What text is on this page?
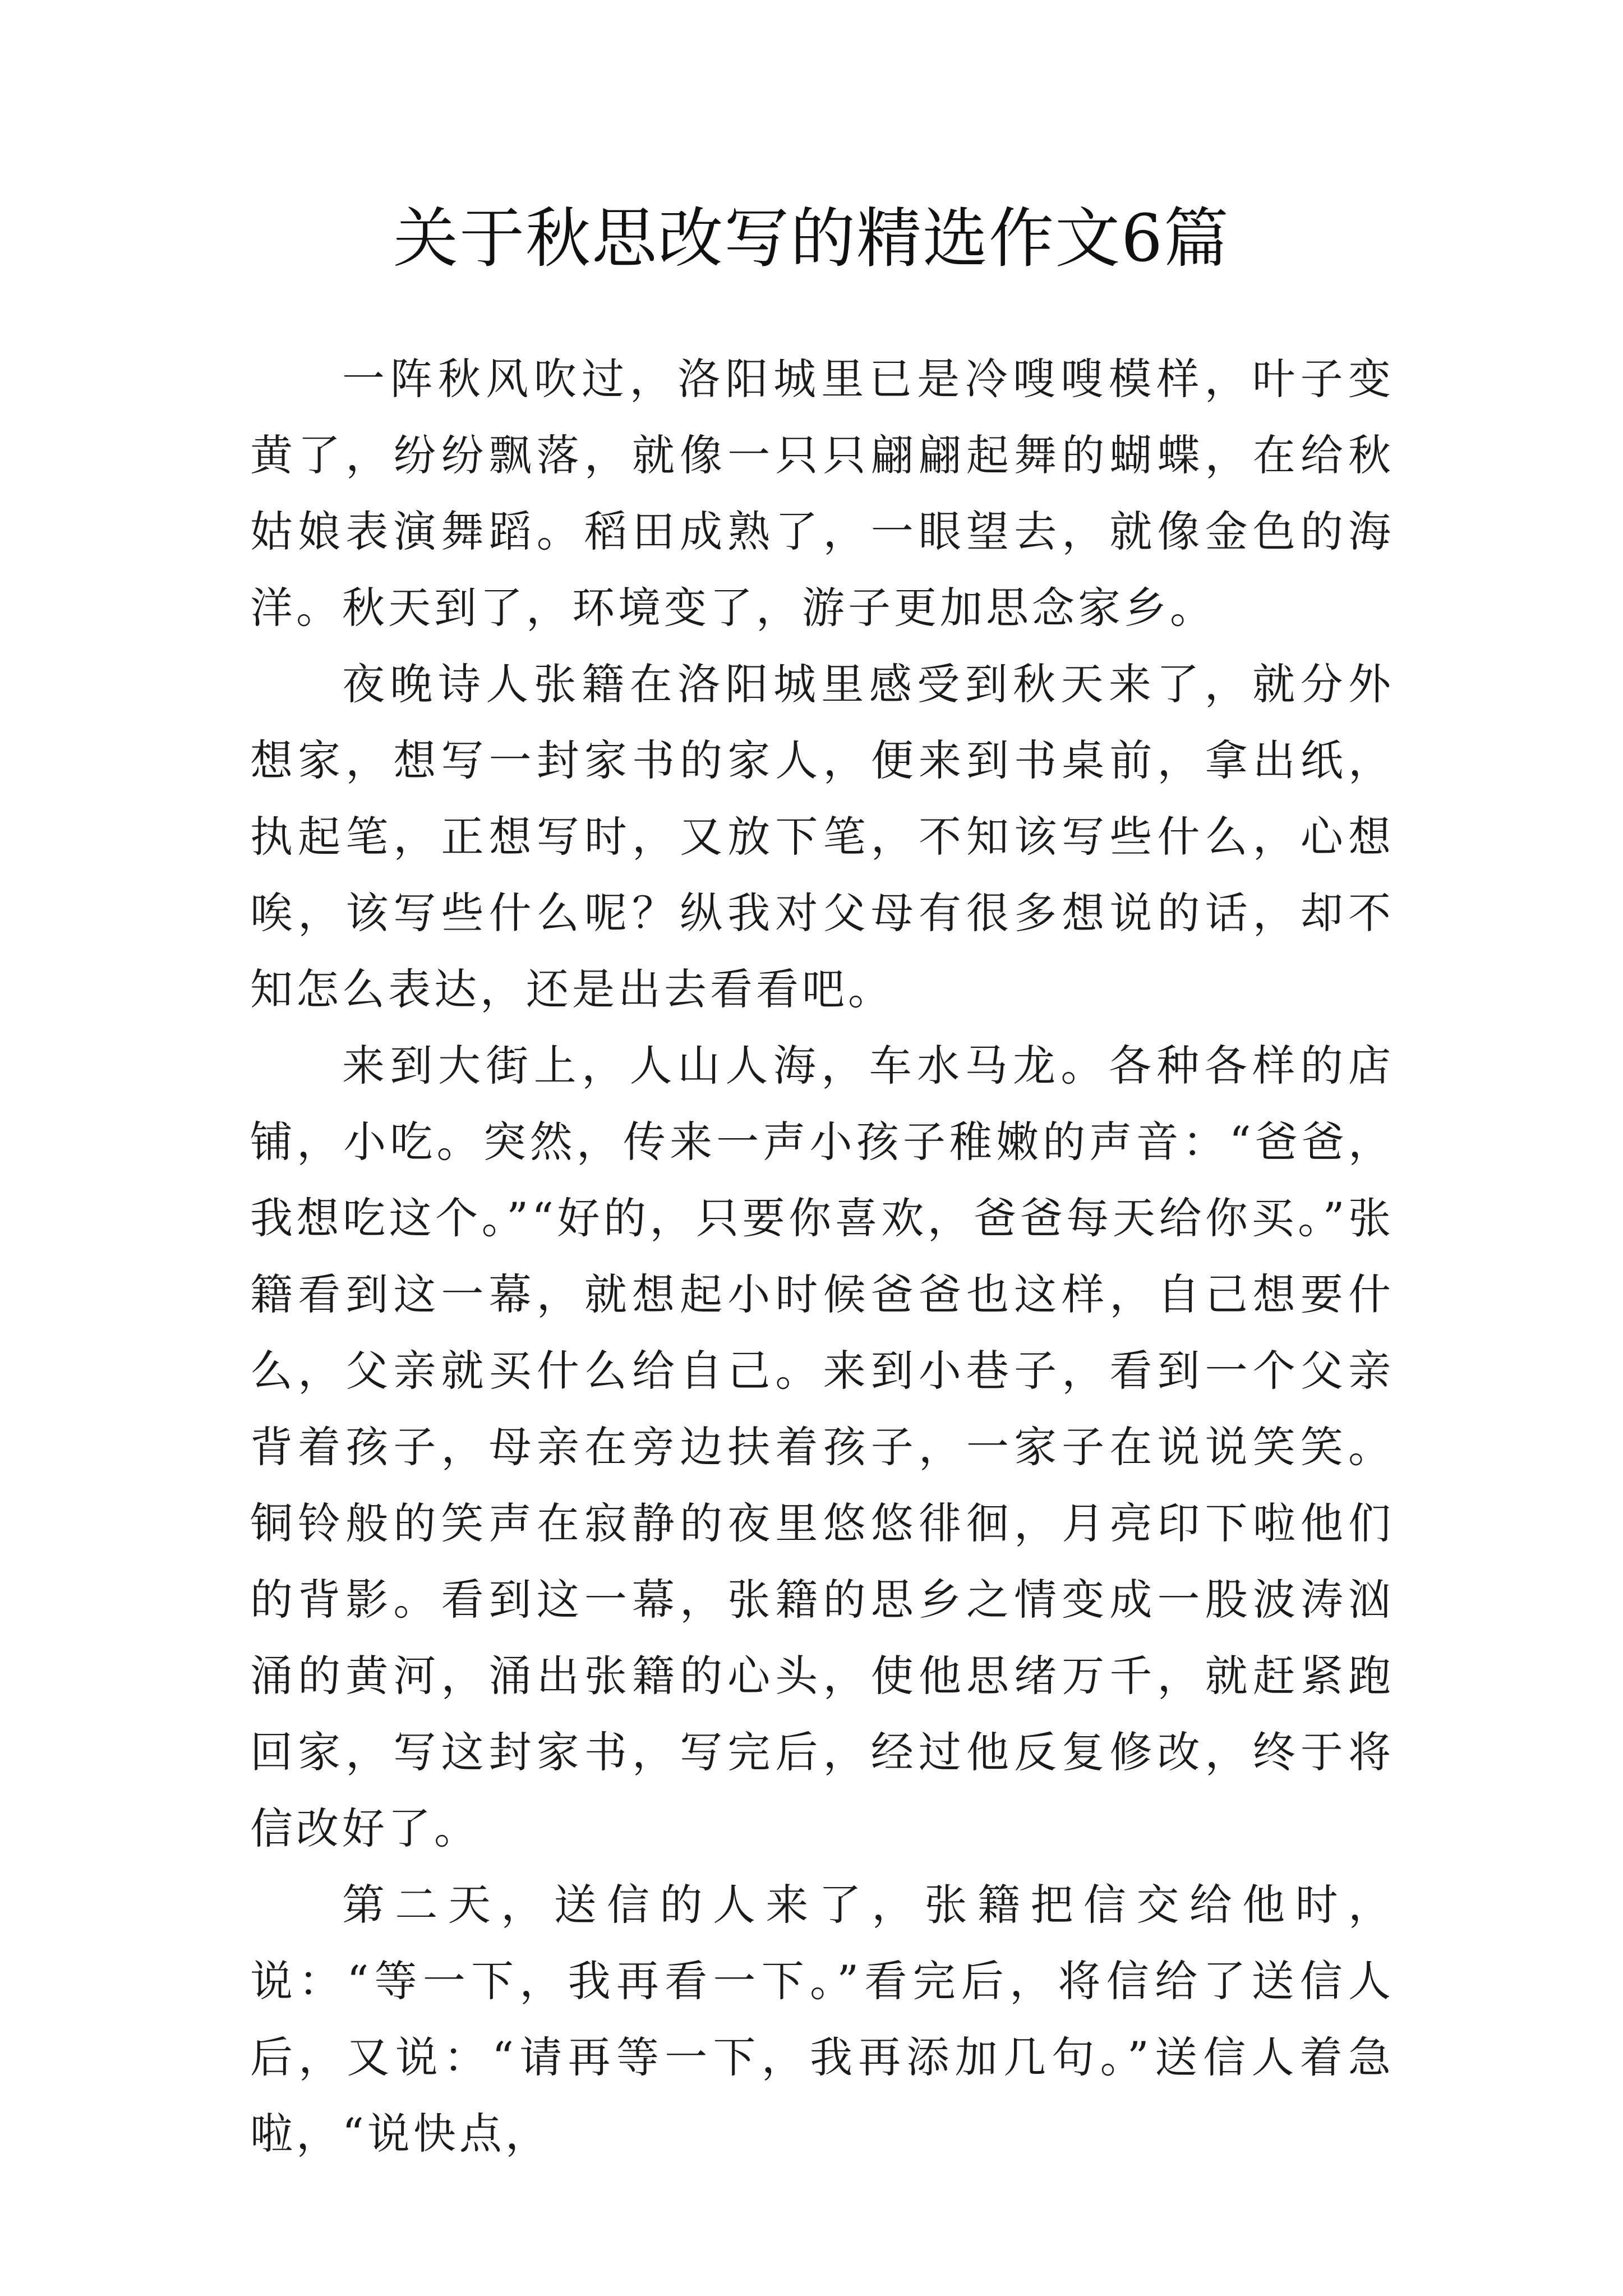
关于秋思改写的精选作文6篇

一阵秋风吹过，洛阳城里已是冷嗖嗖模样，叶子变黄了，纷纷飘落，就像一只只翩翩起舞的蝴蝶，在给秋姑娘表演舞蹈。稻田成熟了，一眼望去，就像金色的海洋。秋天到了，环境变了，游子更加思念家乡。

夜晚诗人张籍在洛阳城里感受到秋天来了，就分外想家，想写一封家书的家人，便来到书桌前，拿出纸，执起笔，正想写时，又放下笔，不知该写些什么，心想唉，该写些什么呢？纵我对父母有很多想说的话，却不知怎么表达，还是出去看看吧。

来到大街上，人山人海，车水马龙。各种各样的店铺，小吃。突然，传来一声小孩子稚嫩的声音：“爸爸，我想吃这个。”“好的，只要你喜欢，爸爸每天给你买。”张籍看到这一幕，就想起小时候爸爸也这样，自己想要什么，父亲就买什么给自己。来到小巷子，看到一个父亲背着孩子，母亲在旁边扶着孩子，一家子在说说笑笑。铜铃般的笑声在寂静的夜里悠悠徘徊，月亮印下啦他们的背影。看到这一幕，张籍的思乡之情变成一股波涛汹涌的黄河，涌出张籍的心头，使他思绪万千，就赶紧跑回家，写这封家书，写完后，经过他反复修改，终于将信改好了。

第二天，送信的人来了，张籍把信交给他时，说：“等一下，我再看一下。”看完后，将信给了送信人后，又说：“请再等一下，我再添加几句。”送信人着急啦，“说快点，
